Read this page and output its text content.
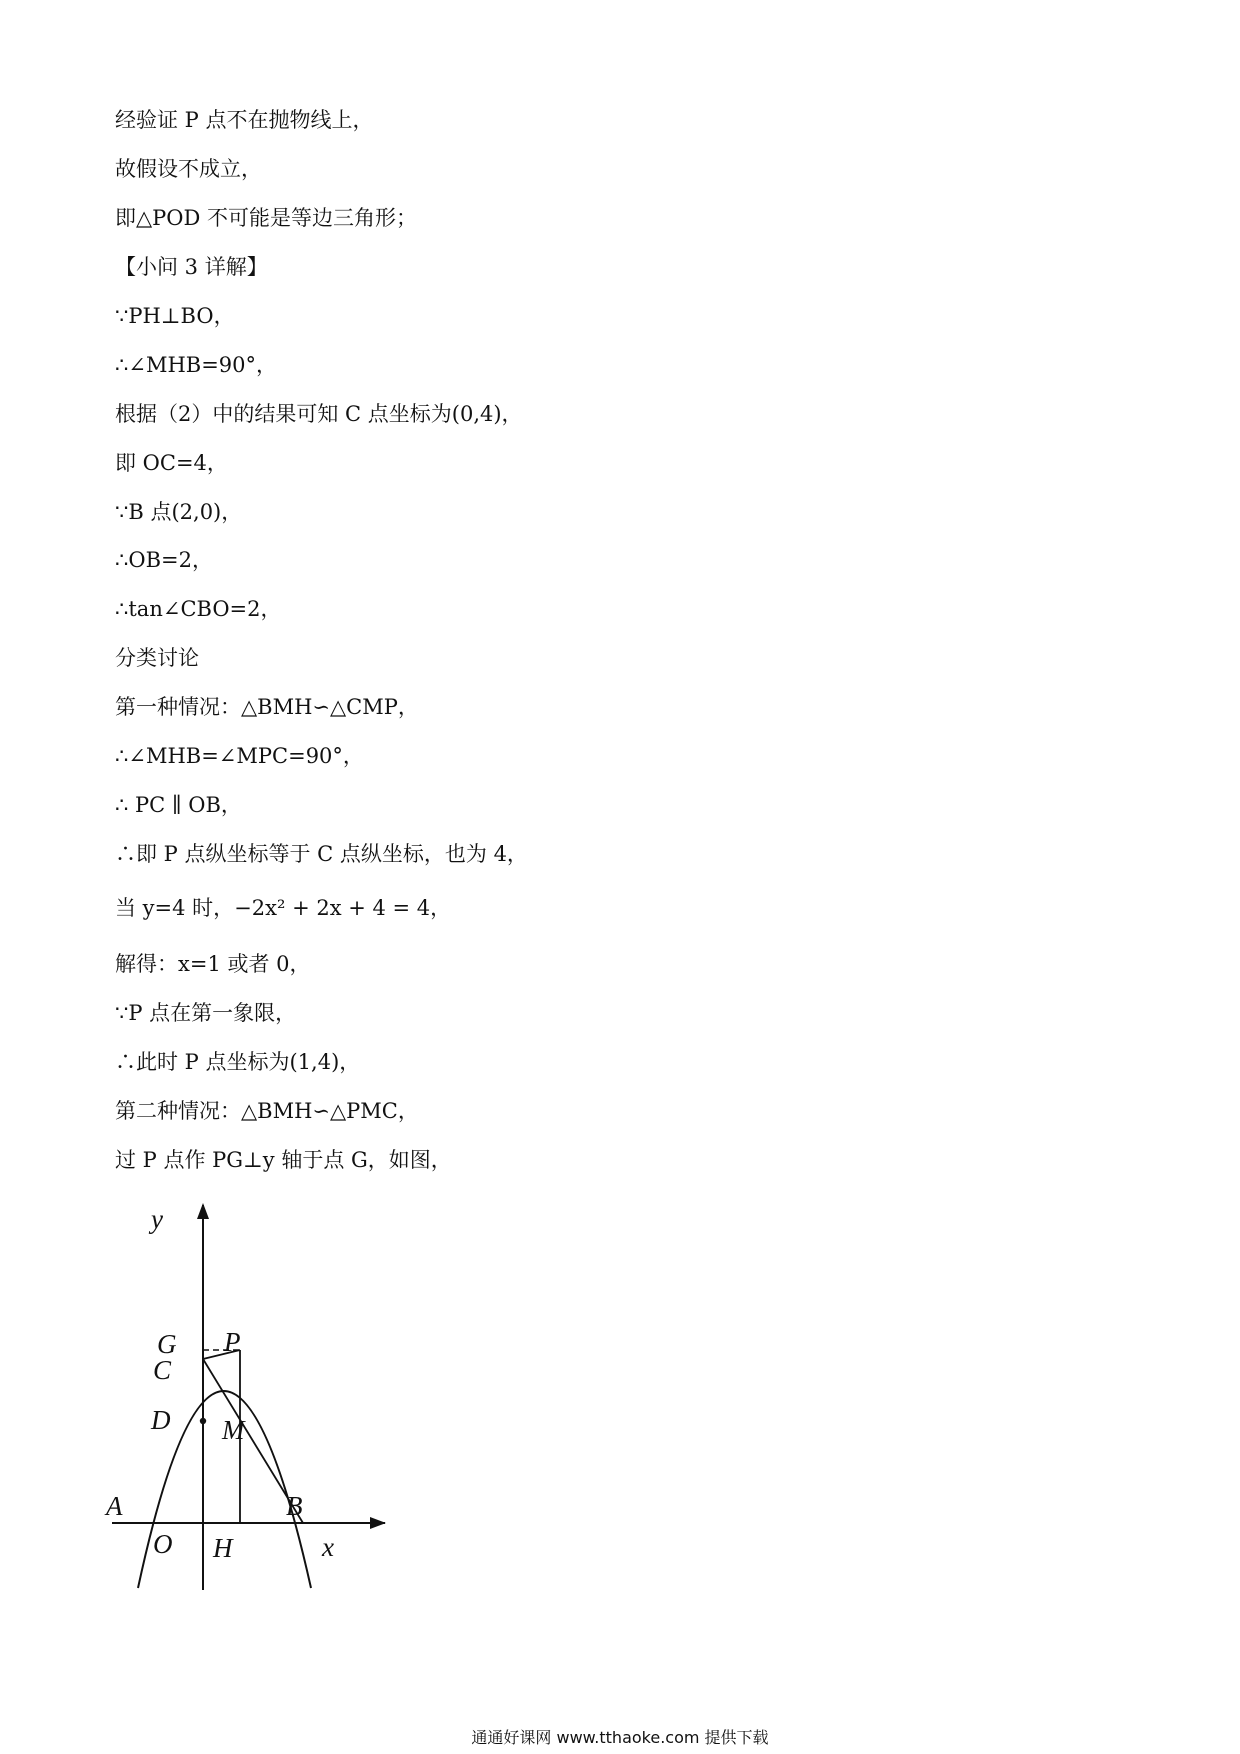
经验证 P 点不在抛物线上，
故假设不成立，
即△POD 不可能是等边三角形；
【小问 3 详解】
∵PH⊥BO，
∴∠MHB=90°，
根据（2）中的结果可知 C 点坐标为(0,4)，
即 OC=4，
∵B 点(2,0)，
∴OB=2，
∴tan∠CBO=2，
分类讨论
第一种情况：△BMH∽△CMP，
∴∠MHB=∠MPC=90°，
∴ PC ∥ OB，
∴即 P 点纵坐标等于 C 点纵坐标，也为 4，
当 y=4 时，−2x² + 2x + 4 = 4，
解得：x=1 或者 0，
∵P 点在第一象限，
∴此时 P 点坐标为(1,4)，
第二种情况：△BMH∽△PMC，
过 P 点作 PG⊥y 轴于点 G，如图，
y
G P
C
M
D
A	B
O H	x
通通好课网 www.tthaoke.com 提供下载
